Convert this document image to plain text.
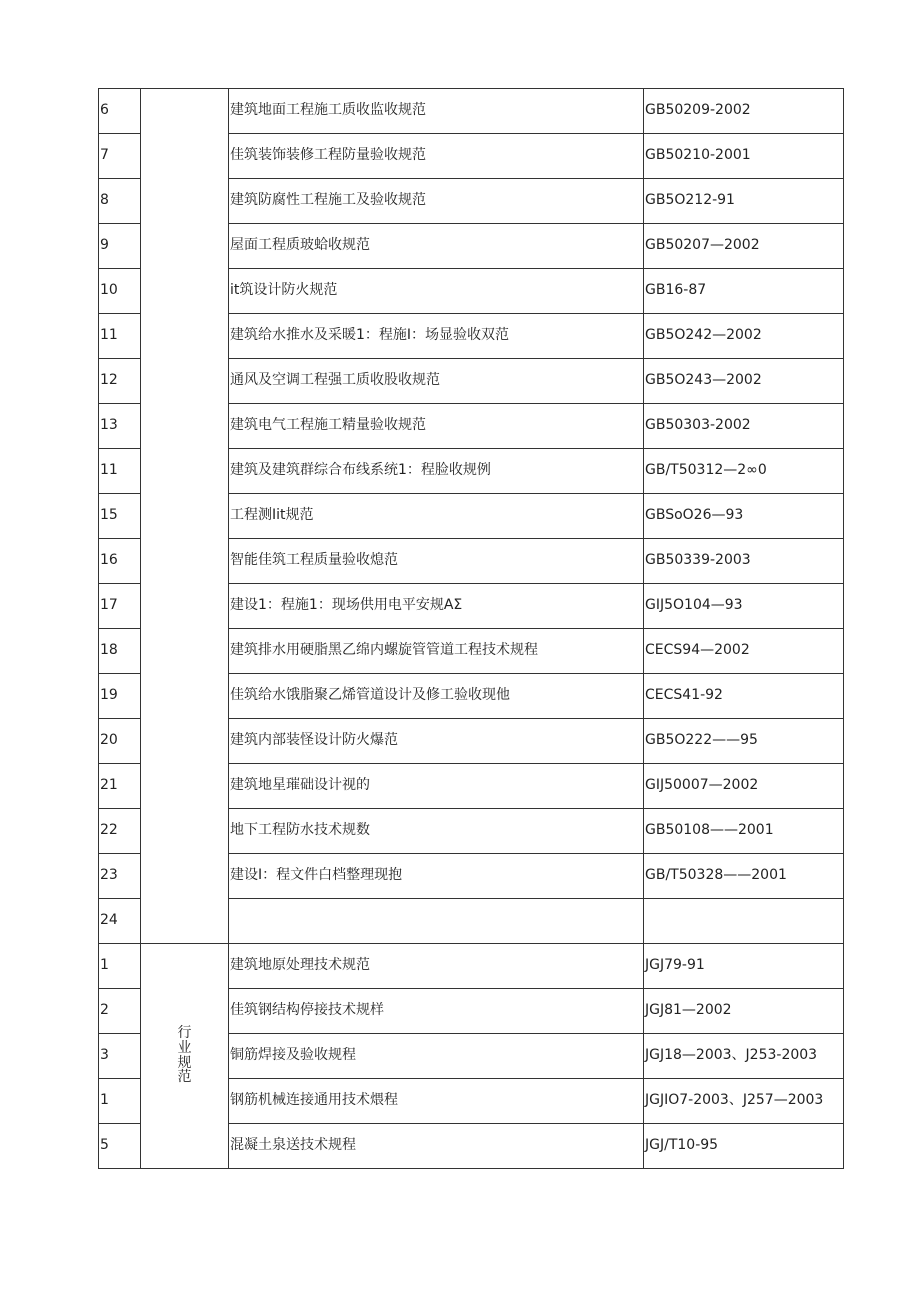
6		建筑地面工程施工质收监收规范	GB50209-2002
7		佳筑装饰装修工程防量验收规范	GB50210-2001
8		建筑防腐性工程施工及验收规范	GB5O212-91
9		屋面工程质玻蛤收规范	GB50207—2002
10		it筑设计防火规范	GB16-87
11		建筑给水推水及采暖1：程施I：场显验收双范	GB5O242—2002
12		通风及空调工程强工质收股收规范	GB5O243—2002
13		建筑电气工程施工精量验收规范	GB50303-2002
11		建筑及建筑群综合布线系统1：程脸收规例	GB/T50312—2∞0
15		工程测Iit规范	GBSoO26—93
16		智能佳筑工程质量验收熄范	GB50339-2003
17		建设1：程施1：现场供用电平安规AΣ	GIJ5O104—93
18		建筑排水用硬脂黑乙绵内螺旋管管道工程技术规程	CECS94—2002
19		佳筑给水饿脂聚乙烯管道设计及修工验收现他	CECS41-92
20		建筑内部装怪设计防火爆范	GB5O222——95
21		建筑地星璀础设计视的	GIJ50007—2002
22		地下工程防水技术规数	GB50108——2001
23		建设I：程文件白档整理现抱	GB/T50328——2001
24			
1	行业规范	建筑地原处理技术规范	JGJ79-91
2		佳筑钢结构停接技术规样	JGJ81—2002
3		铜筋焊接及验收规程	JGJ18—2003、J253-2003
1		钢筋机械连接通用技术煨程	JGJIO7-2003、J257—2003
5		混凝土泉送技术规程	JGJ/T10-95
